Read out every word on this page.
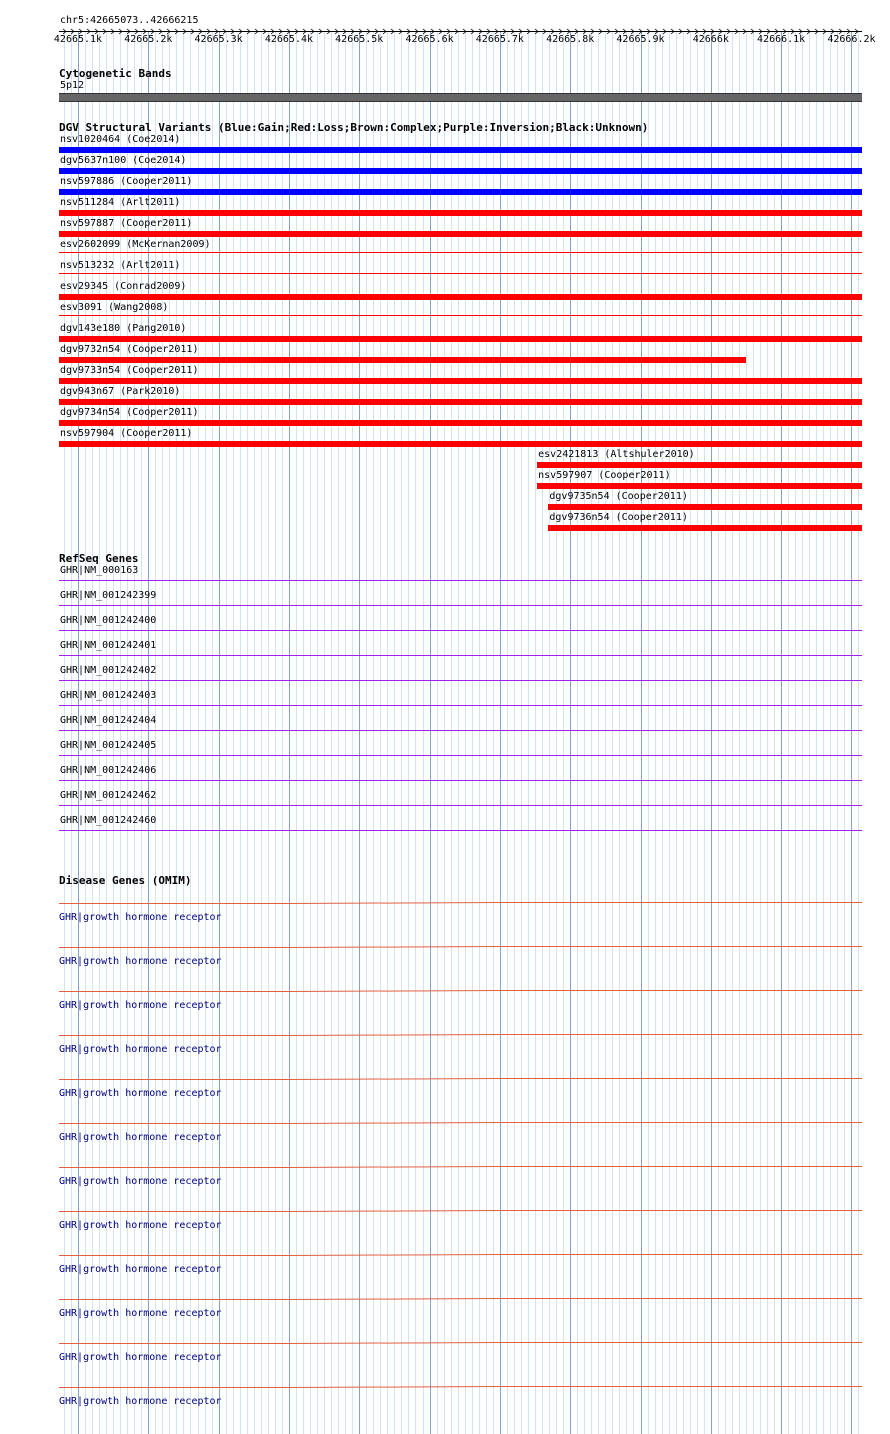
chr5:42665073..42666215
42665.1k 42665.2k 42665.3k 42665.4k 42665.5k 42665.6k 42665.7k 42665.8k 42665.9k	42666k	42666.1k 42666.2k
Cytogenetic Bands
5p12
DGV Structural Variants (Blue:Gain;Red:Loss;Brown:Complex;Purple:Inversion;Black:Unknown)
nsv1020464 (Coe2014)
dgv5637n100 (Coe2014)
nsv597886 (Cooper2011)
nsv511284 (Arlt2011)
nsv597887 (Cooper2011)
esv2602099 (McKernan2009)
nsv513232 (Arlt2011)
esv29345 (Conrad2009)
esv3091 (Wang2008)
dgv143e180 (Pang2010)
dgv9732n54 (Cooper2011)
dgv9733n54 (Cooper2011)
dgv943n67 (Park2010)
dgv9734n54 (Cooper2011)
nsv597904 (Cooper2011)
esv2421813 (Altshuler2010)
nsv597907 (Cooper2011)
dgv9735n54 (Cooper2011)
dgv9736n54 (Cooper2011)
RefSeq Genes
GHR|NM_000163
GHR|NM_001242399
GHR|NM_001242400
GHR|NM_001242401
GHR|NM_001242402
GHR|NM_001242403
GHR|NM_001242404
GHR|NM_001242405
GHR|NM_001242406
GHR|NM_001242462
GHR|NM_001242460
Disease Genes (OMIM)
GHR|growth hormone receptor
GHR|growth hormone receptor
GHR|growth hormone receptor
GHR|growth hormone receptor
GHR|growth hormone receptor
GHR|growth hormone receptor
GHR|growth hormone receptor
GHR|growth hormone receptor
GHR|growth hormone receptor
GHR|growth hormone receptor
GHR|growth hormone receptor
GHR|growth hormone receptor
